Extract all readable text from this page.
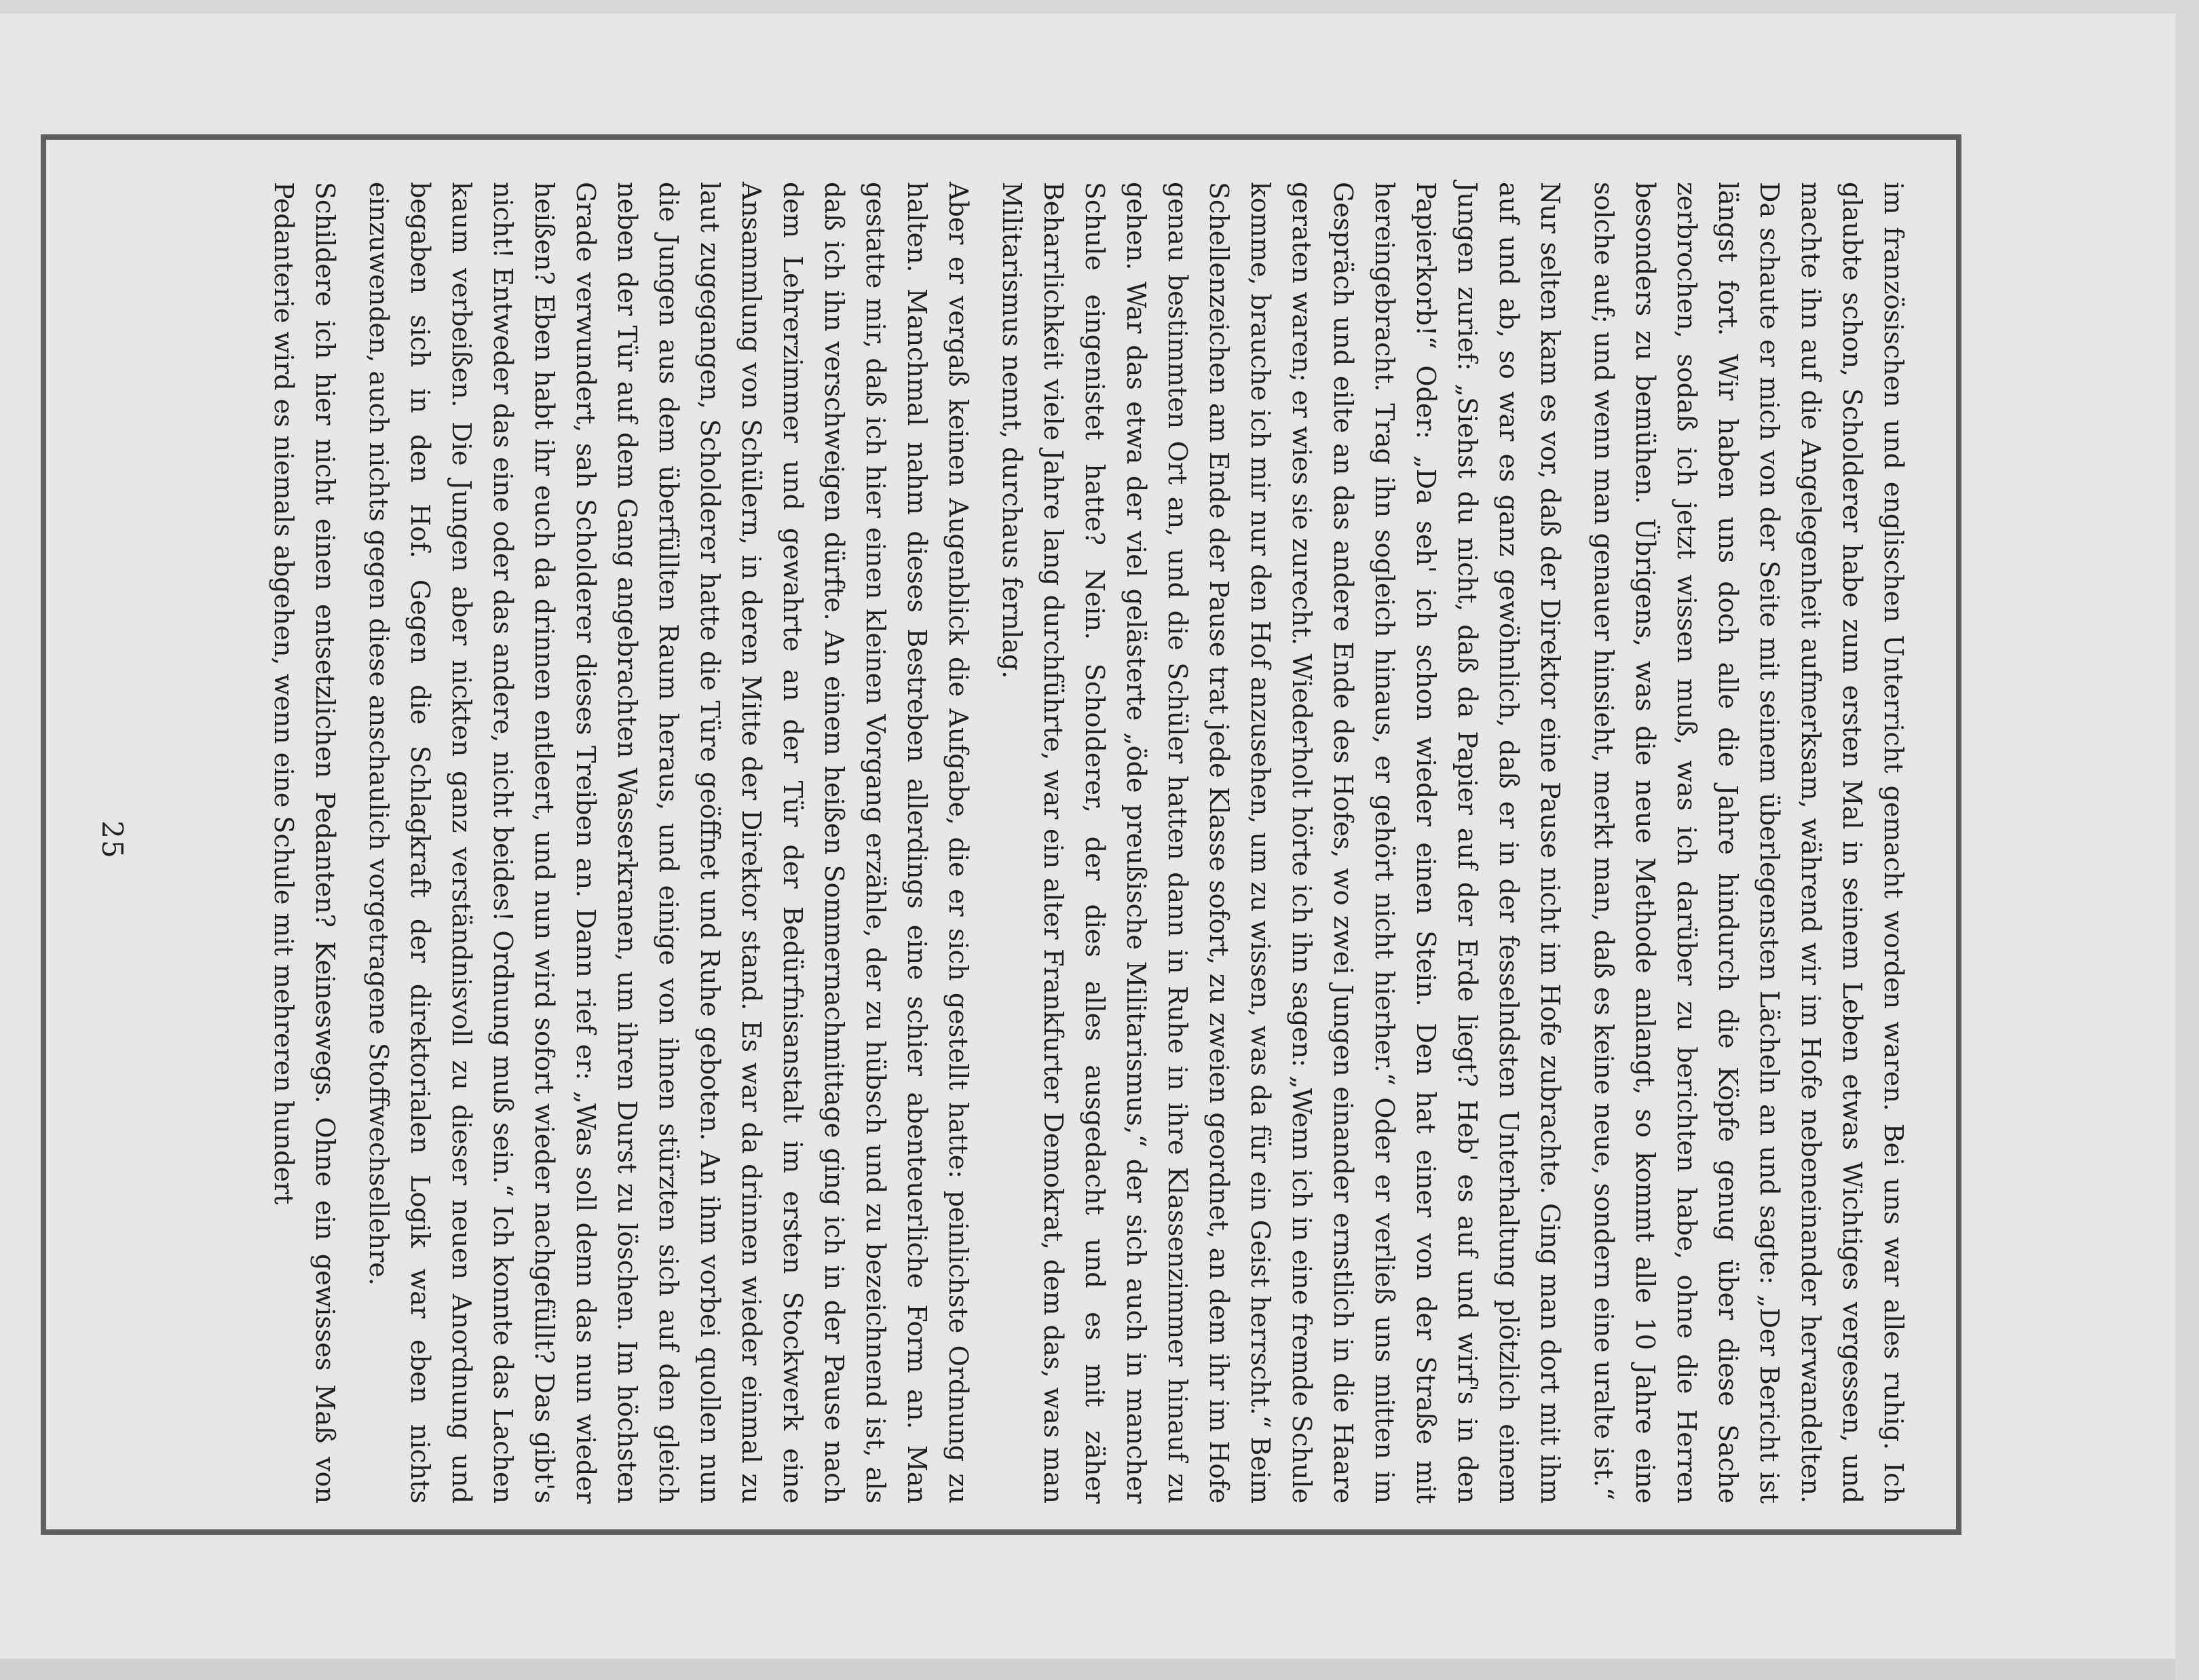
im französischen und englischen Unterricht gemacht worden waren. Bei uns war alles ruhig. Ich glaubte schon, Scholderer habe zum ersten Mal in seinem Leben etwas Wichtiges vergessen, und machte ihn auf die Angelegenheit aufmerksam, während wir im Hofe nebeneinander herwandelten. Da schaute er mich von der Seite mit seinem überlegensten Lächeln an und sagte: „Der Bericht ist längst fort. Wir haben uns doch alle die Jahre hindurch die Köpfe genug über diese Sache zerbrochen, sodaß ich jetzt wissen muß, was ich darüber zu berichten habe, ohne die Herren besonders zu bemühen. Übrigens, was die neue Methode anlangt, so kommt alle 10 Jahre eine solche auf; und wenn man genauer hinsieht, merkt man, daß es keine neue, sondern eine uralte ist.“

Nur selten kam es vor, daß der Direktor eine Pause nicht im Hofe zubrachte. Ging man dort mit ihm auf und ab, so war es ganz gewöhnlich, daß er in der fesselndsten Unterhaltung plötzlich einem Jungen zurief: „Siehst du nicht, daß da Papier auf der Erde liegt? Heb' es auf und wirf's in den Papierkorb!“ Oder: „Da seh' ich schon wieder einen Stein. Den hat einer von der Straße mit hereingebracht. Trag ihn sogleich hinaus, er gehört nicht hierher.“ Oder er verließ uns mitten im Gespräch und eilte an das andere Ende des Hofes, wo zwei Jungen einander ernstlich in die Haare geraten waren; er wies sie zurecht. Wiederholt hörte ich ihn sagen: „Wenn ich in eine fremde Schule komme, brauche ich mir nur den Hof anzusehen, um zu wissen, was da für ein Geist herrscht.“ Beim Schellenzeichen am Ende der Pause trat jede Klasse sofort, zu zweien geordnet, an dem ihr im Hofe genau bestimmten Ort an, und die Schüler hatten dann in Ruhe in ihre Klassenzimmer hinauf zu gehen. War das etwa der viel gelästerte „öde preußische Militarismus,“ der sich auch in mancher Schule eingenistet hatte? Nein. Scholderer, der dies alles ausgedacht und es mit zäher Beharrlichkeit viele Jahre lang durchführte, war ein alter Frankfurter Demokrat, dem das, was man Militarismus nennt, durchaus fernlag.

Aber er vergaß keinen Augenblick die Aufgabe, die er sich gestellt hatte: peinlichste Ordnung zu halten. Manchmal nahm dieses Bestreben allerdings eine schier abenteuerliche Form an. Man gestatte mir, daß ich hier einen kleinen Vorgang erzähle, der zu hübsch und zu bezeichnend ist, als daß ich ihn verschweigen dürfte. An einem heißen Sommernachmittage ging ich in der Pause nach dem Lehrerzimmer und gewahrte an der Tür der Bedürfnisanstalt im ersten Stockwerk eine Ansammlung von Schülern, in deren Mitte der Direktor stand. Es war da drinnen wieder einmal zu laut zugegangen, Scholderer hatte die Türe geöffnet und Ruhe geboten. An ihm vorbei quollen nun die Jungen aus dem überfüllten Raum heraus, und einige von ihnen stürzten sich auf den gleich neben der Tür auf dem Gang angebrachten Wasserkranen, um ihren Durst zu löschen. Im höchsten Grade verwundert, sah Scholderer dieses Treiben an. Dann rief er: „Was soll denn das nun wieder heißen? Eben habt ihr euch da drinnen entleert, und nun wird sofort wieder nachgefüllt? Das gibt's nicht! Entweder das eine oder das andere, nicht beides! Ordnung muß sein.“ Ich konnte das Lachen kaum verbeißen. Die Jungen aber nickten ganz verständnisvoll zu dieser neuen Anordnung und begaben sich in den Hof. Gegen die Schlagkraft der direktorialen Logik war eben nichts einzuwenden, auch nichts gegen diese anschaulich vorgetragene Stoffwechsellehre.

Schildere ich hier nicht einen entsetzlichen Pedanten? Keineswegs. Ohne ein gewisses Maß von Pedanterie wird es niemals abgehen, wenn eine Schule mit mehreren hundert

25
